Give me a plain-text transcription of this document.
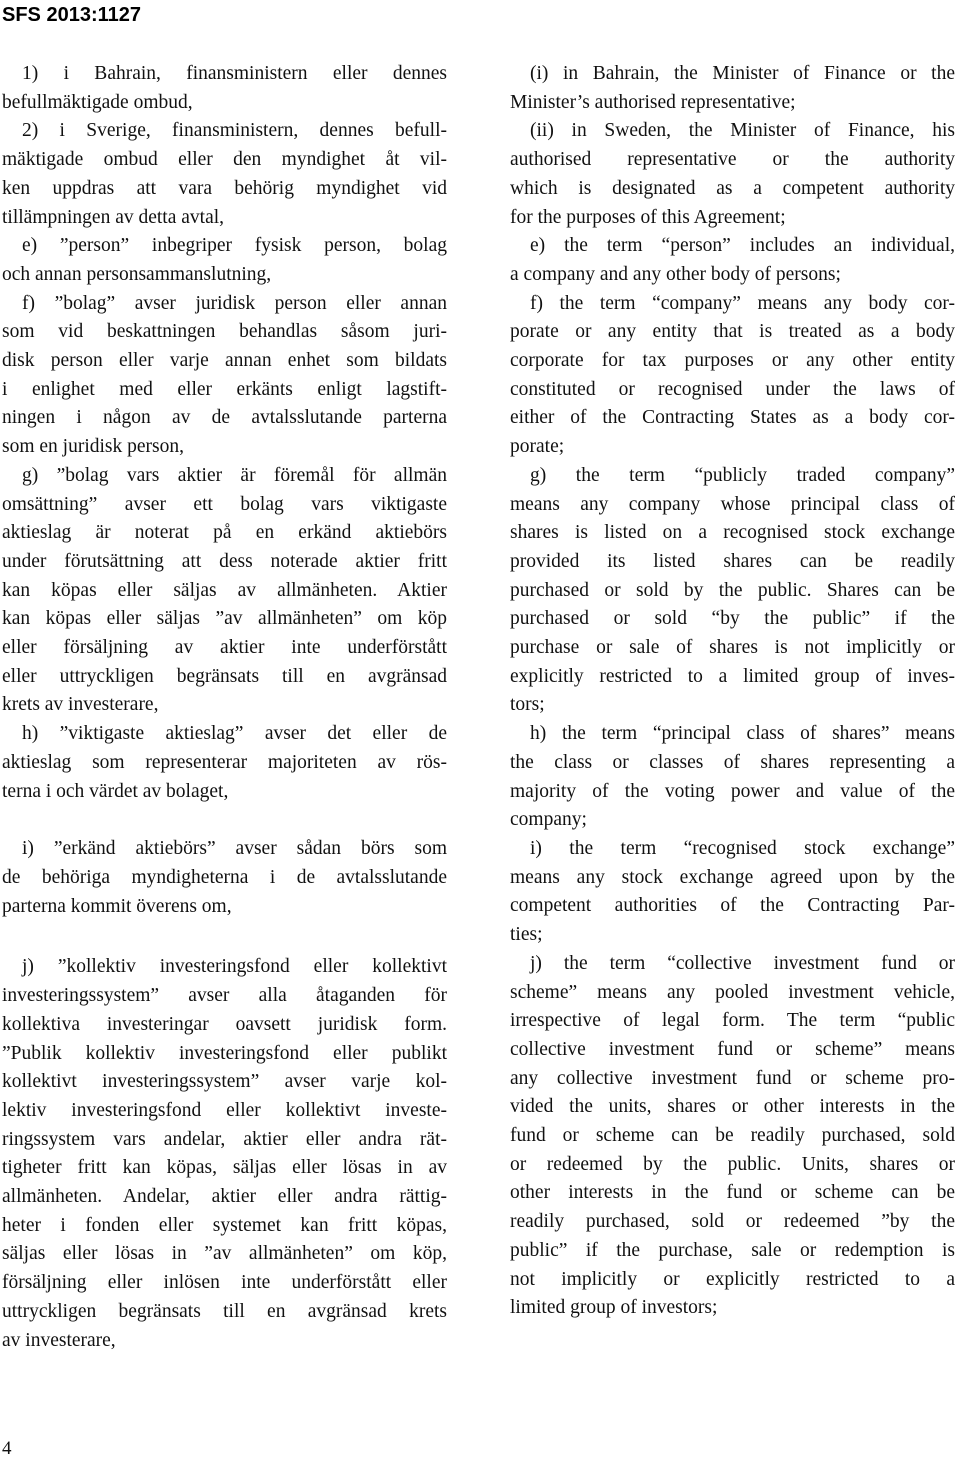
SFS 2013:1127
1) i Bahrain, finansministern eller dennes
befullmäktigade ombud,
2) i Sverige, finansministern, dennes befull-
mäktigade ombud eller den myndighet åt vil-
ken uppdras att vara behörig myndighet vid
tillämpningen av detta avtal,
e) ”person” inbegriper fysisk person, bolag
och annan personsammanslutning,
f) ”bolag” avser juridisk person eller annan
som vid beskattningen behandlas såsom juri-
disk person eller varje annan enhet som bildats
i enlighet med eller erkänts enligt lagstift-
ningen i någon av de avtalsslutande parterna
som en juridisk person,
g) ”bolag vars aktier är föremål för allmän
omsättning” avser ett bolag vars viktigaste
aktieslag är noterat på en erkänd aktiebörs
under förutsättning att dess noterade aktier fritt
kan köpas eller säljas av allmänheten. Aktier
kan köpas eller säljas ”av allmänheten” om köp
eller försäljning av aktier inte underförstått
eller uttryckligen begränsats till en avgränsad
krets av investerare,
h) ”viktigaste aktieslag” avser det eller de
aktieslag som representerar majoriteten av rös-
terna i och värdet av bolaget,
i) ”erkänd aktiebörs” avser sådan börs som
de behöriga myndigheterna i de avtalsslutande
parterna kommit överens om,
j) ”kollektiv investeringsfond eller kollektivt
investeringssystem” avser alla åtaganden för
kollektiva investeringar oavsett juridisk form.
”Publik kollektiv investeringsfond eller publikt
kollektivt investeringssystem” avser varje kol-
lektiv investeringsfond eller kollektivt investe-
ringssystem vars andelar, aktier eller andra rät-
tigheter fritt kan köpas, säljas eller lösas in av
allmänheten. Andelar, aktier eller andra rättig-
heter i fonden eller systemet kan fritt köpas,
säljas eller lösas in ”av allmänheten” om köp,
försäljning eller inlösen inte underförstått eller
uttryckligen begränsats till en avgränsad krets
av investerare,
(i) in Bahrain, the Minister of Finance or the
Minister’s authorised representative;
(ii) in Sweden, the Minister of Finance, his
authorised representative or the authority
which is designated as a competent authority
for the purposes of this Agreement;
e) the term “person” includes an individual,
a company and any other body of persons;
f) the term “company” means any body cor-
porate or any entity that is treated as a body
corporate for tax purposes or any other entity
constituted or recognised under the laws of
either of the Contracting States as a body cor-
porate;
g) the term “publicly traded company”
means any company whose principal class of
shares is listed on a recognised stock exchange
provided its listed shares can be readily
purchased or sold by the public. Shares can be
purchased or sold “by the public” if the
purchase or sale of shares is not implicitly or
explicitly restricted to a limited group of inves-
tors;
h) the term “principal class of shares” means
the class or classes of shares representing a
majority of the voting power and value of the
company;
i) the term “recognised stock exchange”
means any stock exchange agreed upon by the
competent authorities of the Contracting Par-
ties;
j) the term “collective investment fund or
scheme” means any pooled investment vehicle,
irrespective of legal form. The term “public
collective investment fund or scheme” means
any collective investment fund or scheme pro-
vided the units, shares or other interests in the
fund or scheme can be readily purchased, sold
or redeemed by the public. Units, shares or
other interests in the fund or scheme can be
readily purchased, sold or redeemed ”by the
public” if the purchase, sale or redemption is
not implicitly or explicitly restricted to a
limited group of investors;
4
